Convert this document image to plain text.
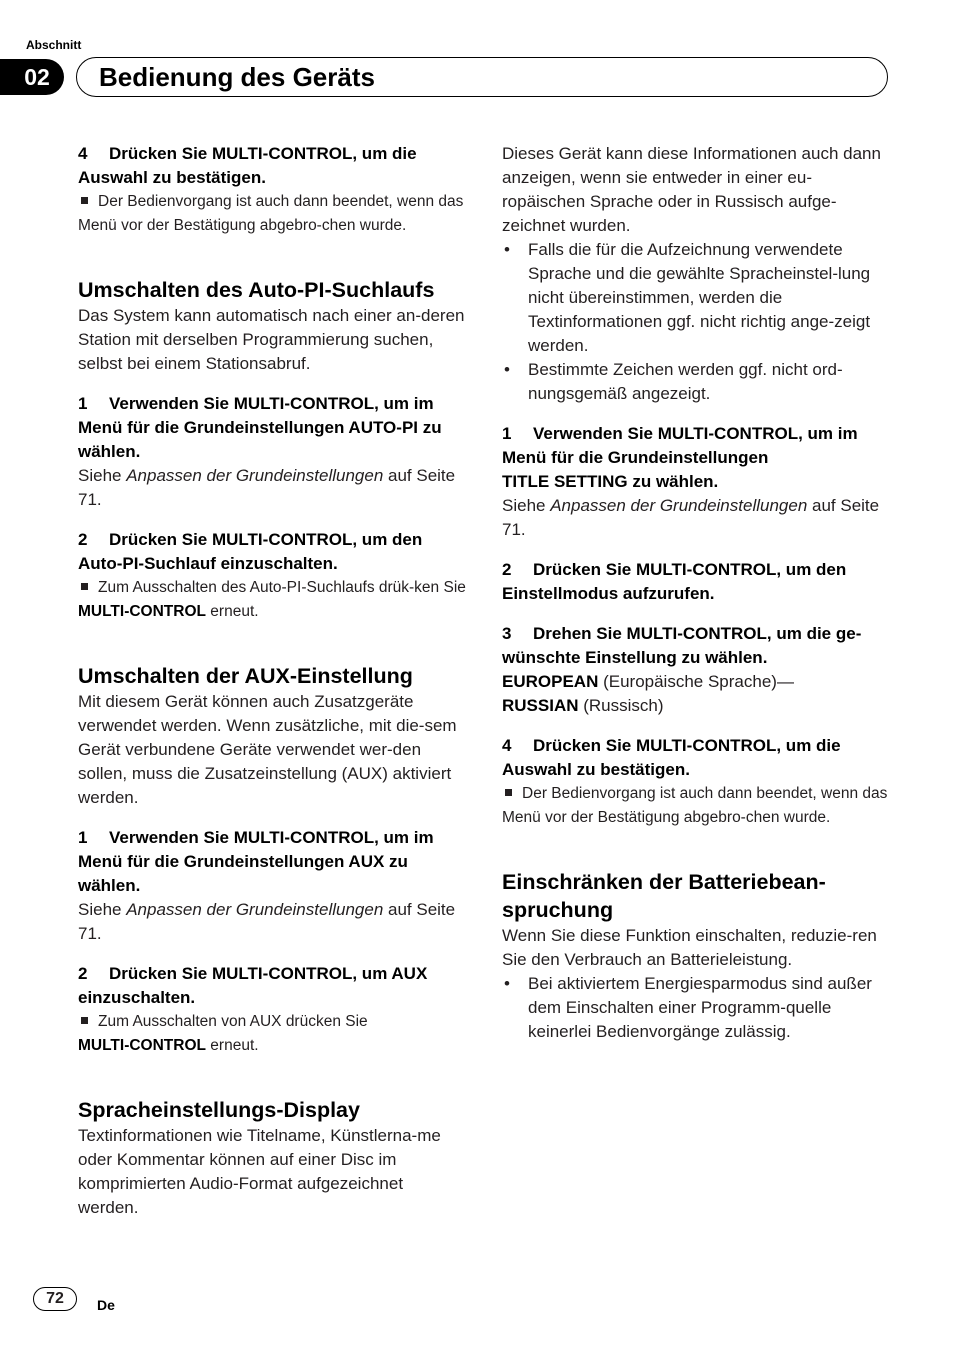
Abschnitt
02	Bedienung des Geräts

4 Drücken Sie MULTI-CONTROL, um die Auswahl zu bestätigen.

Der Bedienvorgang ist auch dann beendet, wenn das Menü vor der Bestätigung abgebro-chen wurde.

Umschalten des Auto-PI-Suchlaufs

Das System kann automatisch nach einer an-deren Station mit derselben Programmierung suchen, selbst bei einem Stationsabruf.

1 Verwenden Sie MULTI-CONTROL, um im Menü für die Grundeinstellungen AUTO-PI zu wählen.

Siehe Anpassen der Grundeinstellungen auf Seite 71.

2 Drücken Sie MULTI-CONTROL, um den Auto-PI-Suchlauf einzuschalten.

Zum Ausschalten des Auto-PI-Suchlaufs drük-ken Sie MULTI-CONTROL erneut.

Umschalten der AUX-Einstellung

Mit diesem Gerät können auch Zusatzgeräte verwendet werden. Wenn zusätzliche, mit die-sem Gerät verbundene Geräte verwendet wer-den sollen, muss die Zusatzeinstellung (AUX) aktiviert werden.

1 Verwenden Sie MULTI-CONTROL, um im Menü für die Grundeinstellungen AUX zu wählen.

Siehe Anpassen der Grundeinstellungen auf Seite 71.

2 Drücken Sie MULTI-CONTROL, um AUX einzuschalten.

Zum Ausschalten von AUX drücken Sie
MULTI-CONTROL erneut.

Spracheinstellungs-Display

Textinformationen wie Titelname, Künstlerna-me oder Kommentar können auf einer Disc im komprimierten Audio-Format aufgezeichnet werden.

Dieses Gerät kann diese Informationen auch dann anzeigen, wenn sie entweder in einer eu-ropäischen Sprache oder in Russisch aufge-zeichnet wurden.

• Falls die für die Aufzeichnung verwendete Sprache und die gewählte Spracheinstel-lung nicht übereinstimmen, werden die Textinformationen ggf. nicht richtig ange-zeigt werden.

• Bestimmte Zeichen werden ggf. nicht ord-nungsgemäß angezeigt.

1 Verwenden Sie MULTI-CONTROL, um im Menü für die Grundeinstellungen
TITLE SETTING zu wählen.

Siehe Anpassen der Grundeinstellungen auf Seite 71.

2 Drücken Sie MULTI-CONTROL, um den Einstellmodus aufzurufen.

3 Drehen Sie MULTI-CONTROL, um die ge-wünschte Einstellung zu wählen.

EUROPEAN (Europäische Sprache)—

RUSSIAN (Russisch)

4 Drücken Sie MULTI-CONTROL, um die Auswahl zu bestätigen.

Der Bedienvorgang ist auch dann beendet, wenn das Menü vor der Bestätigung abgebro-chen wurde.

Einschränken der Batteriebean-spruchung

Wenn Sie diese Funktion einschalten, reduzie-ren Sie den Verbrauch an Batterieleistung.

• Bei aktiviertem Energiesparmodus sind außer dem Einschalten einer Programm-quelle keinerlei Bedienvorgänge zulässig.

72	De
